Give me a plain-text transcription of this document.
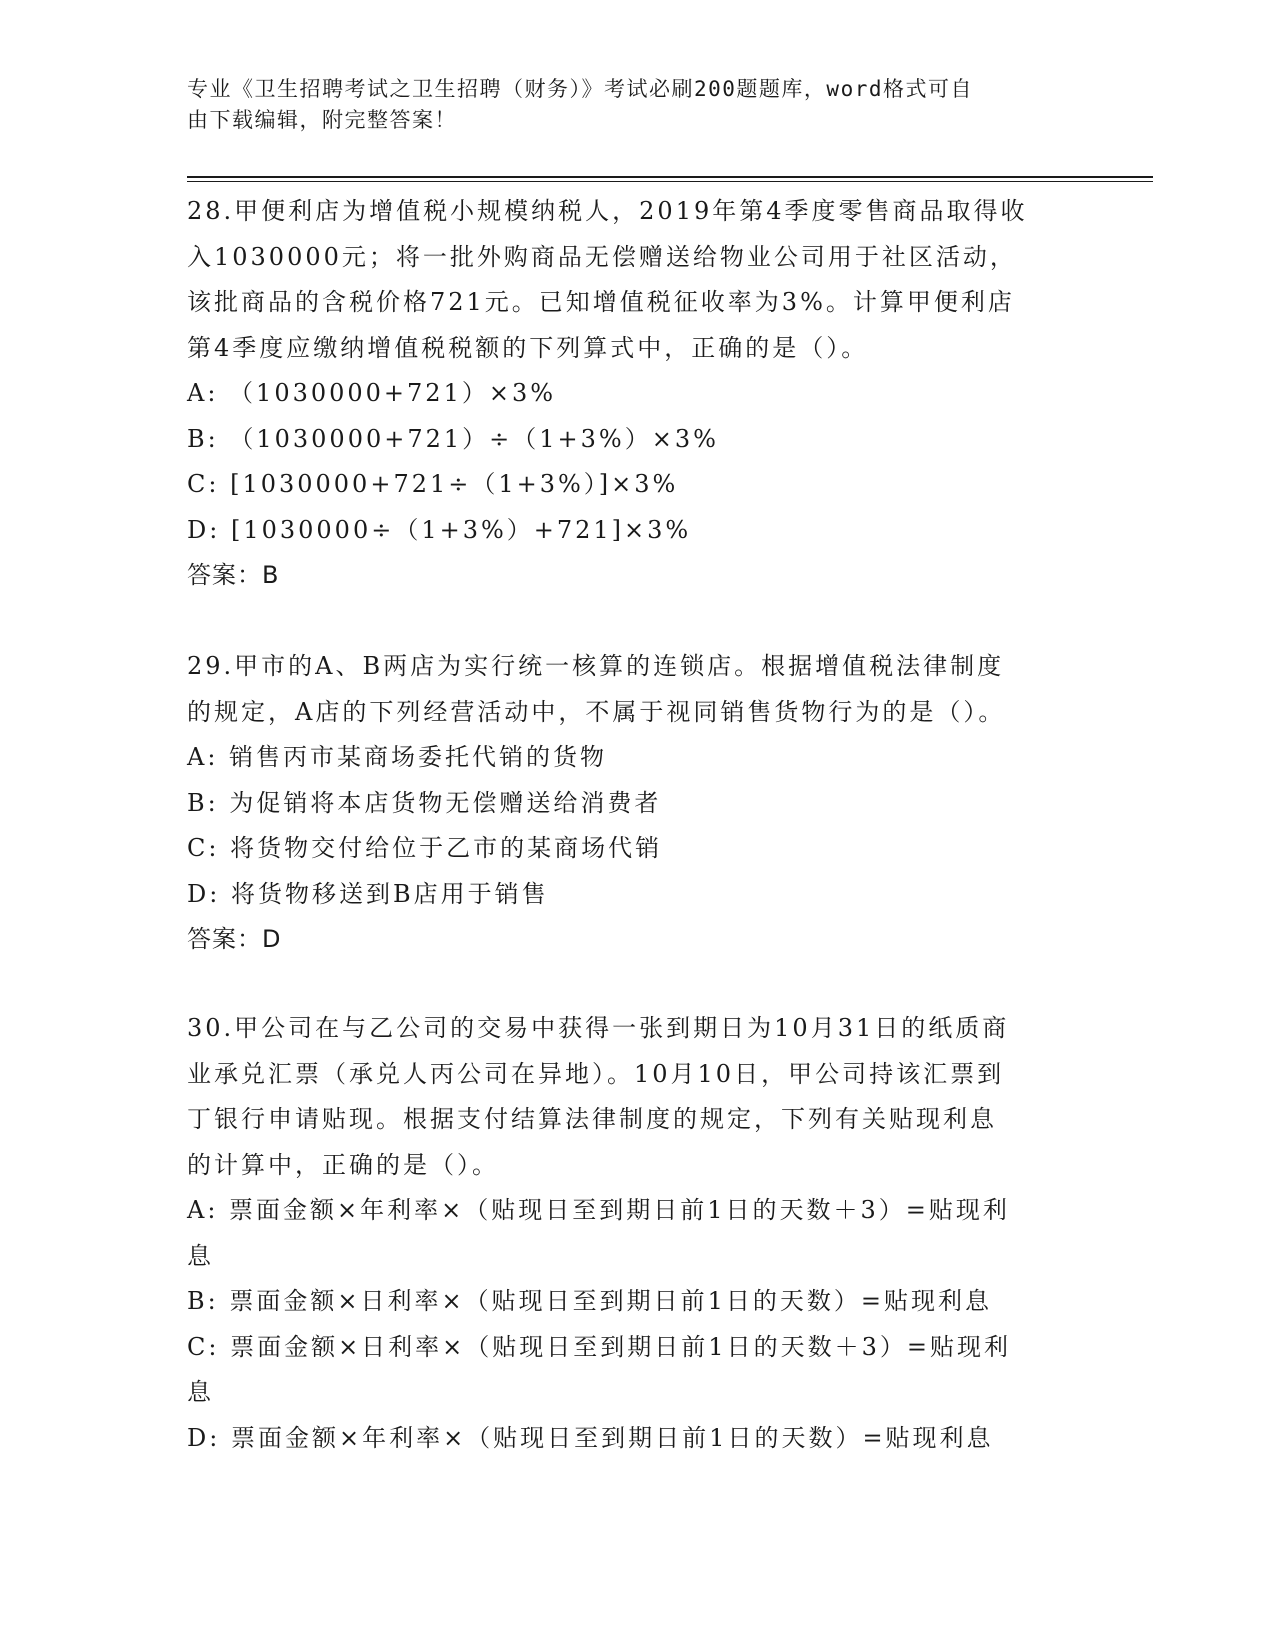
专业《卫生招聘考试之卫生招聘（财务）》考试必刷200题题库，word格式可自
由下载编辑，附完整答案！
28.甲便利店为增值税小规模纳税人，2019年第4季度零售商品取得收
入1030000元；将一批外购商品无偿赠送给物业公司用于社区活动，
该批商品的含税价格721元。已知增值税征收率为3%。计算甲便利店
第4季度应缴纳增值税税额的下列算式中，正确的是（）。
A: （1030000+721）×3%
B: （1030000+721）÷（1+3%）×3%
C: [1030000+721÷（1+3%）]×3%
D: [1030000÷（1+3%）+721]×3%
答案：B
29.甲市的A、B两店为实行统一核算的连锁店。根据增值税法律制度
的规定，A店的下列经营活动中，不属于视同销售货物行为的是（）。
A: 销售丙市某商场委托代销的货物
B: 为促销将本店货物无偿赠送给消费者
C: 将货物交付给位于乙市的某商场代销
D: 将货物移送到B店用于销售
答案：D
30.甲公司在与乙公司的交易中获得一张到期日为10月31日的纸质商
业承兑汇票（承兑人丙公司在异地）。10月10日，甲公司持该汇票到
丁银行申请贴现。根据支付结算法律制度的规定，下列有关贴现利息
的计算中，正确的是（）。
A: 票面金额×年利率×（贴现日至到期日前1日的天数＋3）=贴现利
息
B: 票面金额×日利率×（贴现日至到期日前1日的天数）=贴现利息
C: 票面金额×日利率×（贴现日至到期日前1日的天数＋3）=贴现利
息
D: 票面金额×年利率×（贴现日至到期日前1日的天数）=贴现利息
